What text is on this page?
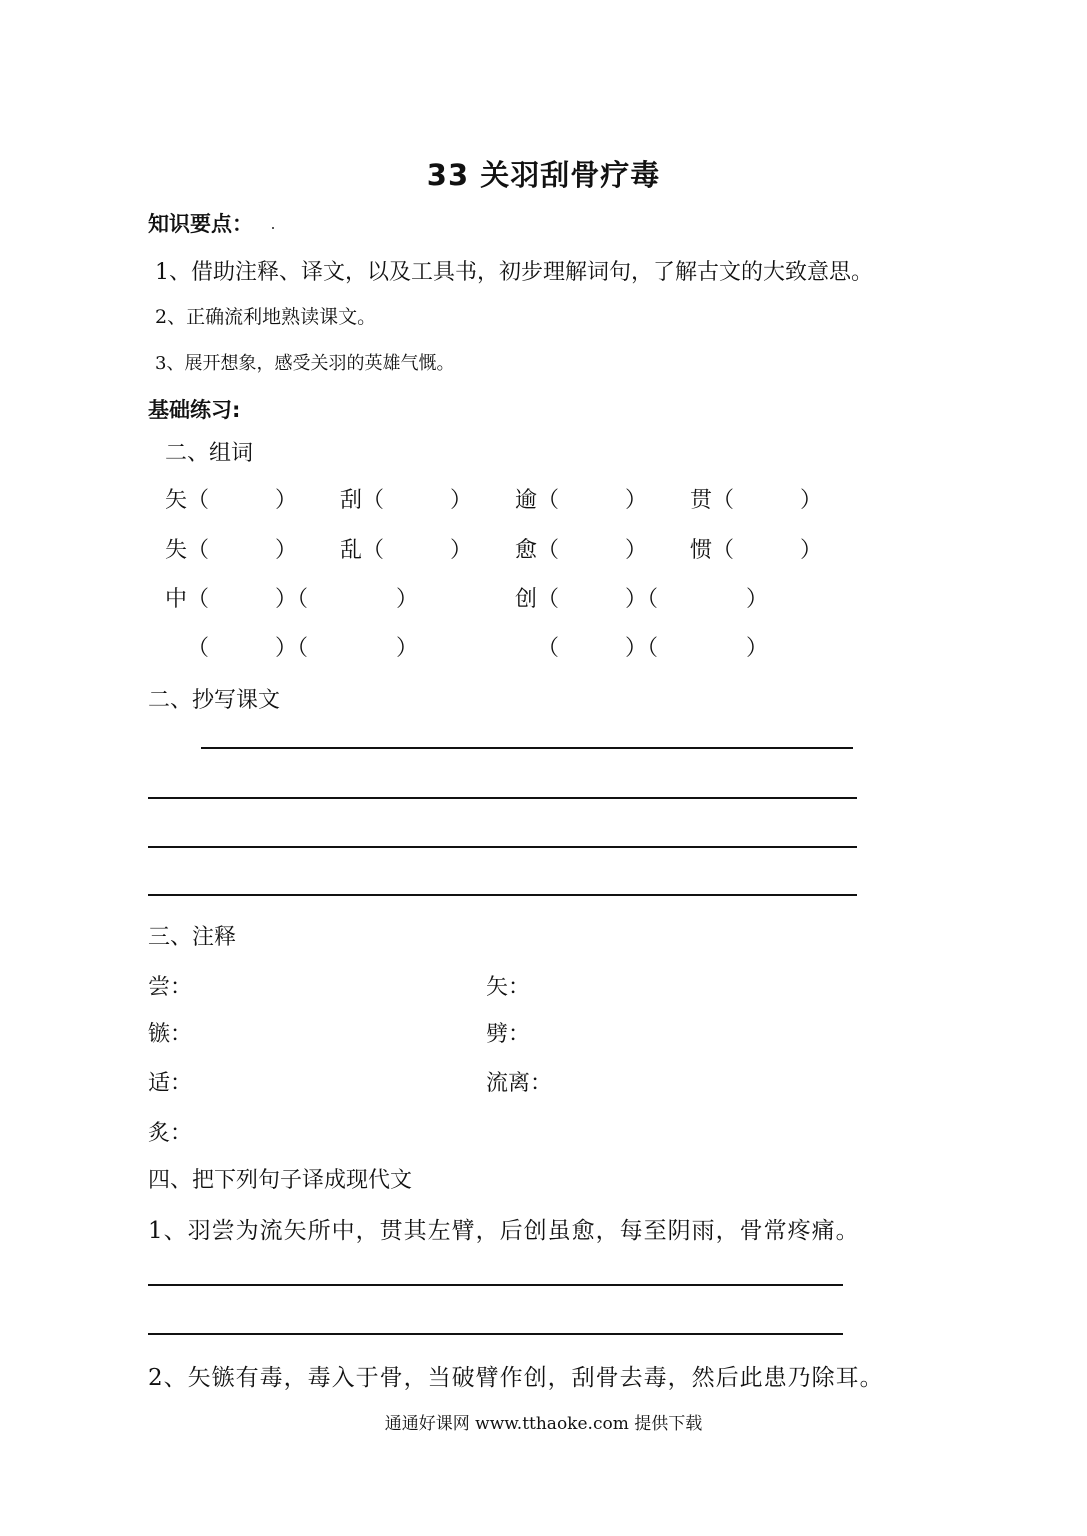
33 关羽刮骨疗毒
知识要点：
1、借助注释、译文，以及工具书，初步理解词句，了解古文的大致意思。
2、正确流利地熟读课文。
3、展开想象，感受关羽的英雄气慨。
基础练习:
二、组词
矢（　　　） 刮（　　　） 逾（　　　） 贯（　　　）
失（　　　） 乱（　　　） 愈（　　　） 惯（　　　）
中（　　　）（　　　　）	创（　　　）（　　　　）
（　　　）（　　　　）	（　　　）（　　　　）
二、抄写课文
三、注释
尝：
镞：
适：
炙：
矢：
劈：
流离：
四、把下列句子译成现代文
1、羽尝为流矢所中，贯其左臂，后创虽愈，每至阴雨，骨常疼痛。
2、矢镞有毒，毒入于骨，当破臂作创，刮骨去毒，然后此患乃除耳。
通通好课网 www.tthaoke.com 提供下载
